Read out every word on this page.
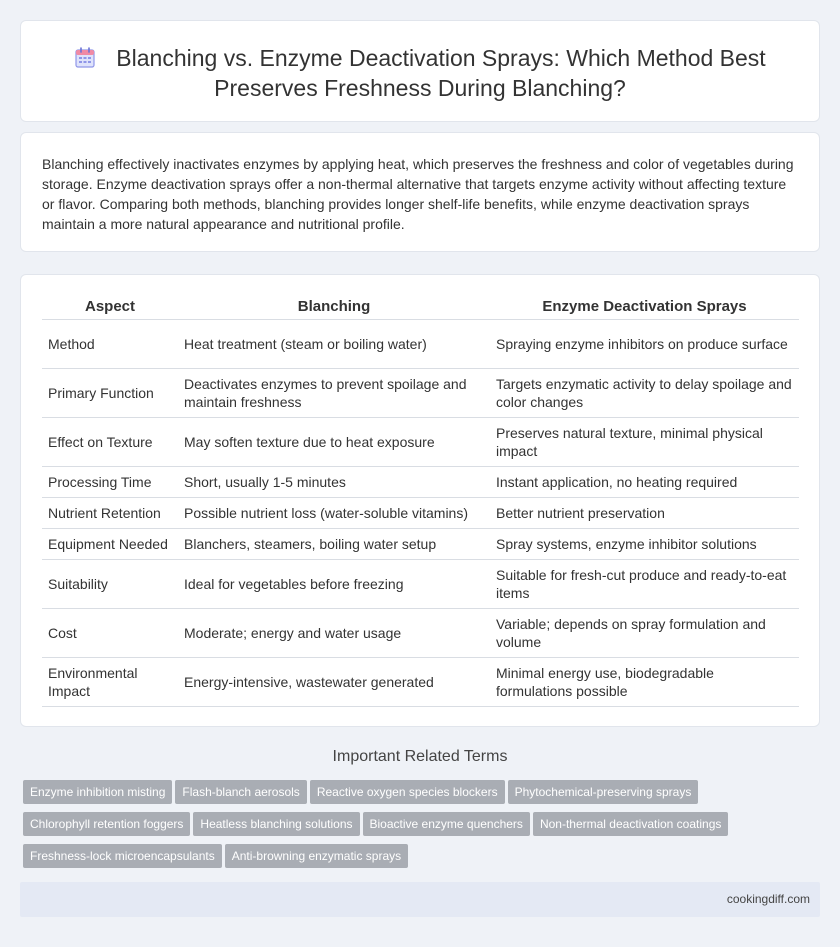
Blanching vs. Enzyme Deactivation Sprays: Which Method Best Preserves Freshness During Blanching?

Blanching effectively inactivates enzymes by applying heat, which preserves the freshness and color of vegetables during storage. Enzyme deactivation sprays offer a non-thermal alternative that targets enzyme activity without affecting texture or flavor. Comparing both methods, blanching provides longer shelf-life benefits, while enzyme deactivation sprays maintain a more natural appearance and nutritional profile.

Aspect	Blanching	Enzyme Deactivation Sprays
Method	Heat treatment (steam or boiling water)	Spraying enzyme inhibitors on produce surface
Primary Function	Deactivates enzymes to prevent spoilage and maintain freshness	Targets enzymatic activity to delay spoilage and color changes
Effect on Texture	May soften texture due to heat exposure	Preserves natural texture, minimal physical impact
Processing Time	Short, usually 1-5 minutes	Instant application, no heating required
Nutrient Retention	Possible nutrient loss (water-soluble vitamins)	Better nutrient preservation
Equipment Needed	Blanchers, steamers, boiling water setup	Spray systems, enzyme inhibitor solutions
Suitability	Ideal for vegetables before freezing	Suitable for fresh-cut produce and ready-to-eat items
Cost	Moderate; energy and water usage	Variable; depends on spray formulation and volume
Environmental Impact	Energy-intensive, wastewater generated	Minimal energy use, biodegradable formulations possible
Important Related Terms
Enzyme inhibition misting Flash-blanch aerosols Reactive oxygen species blockers Phytochemical-preserving sprays
Chlorophyll retention foggers Heatless blanching solutions Bioactive enzyme quenchers Non-thermal deactivation coatings
Freshness-lock microencapsulants Anti-browning enzymatic sprays
cookingdiff.com
